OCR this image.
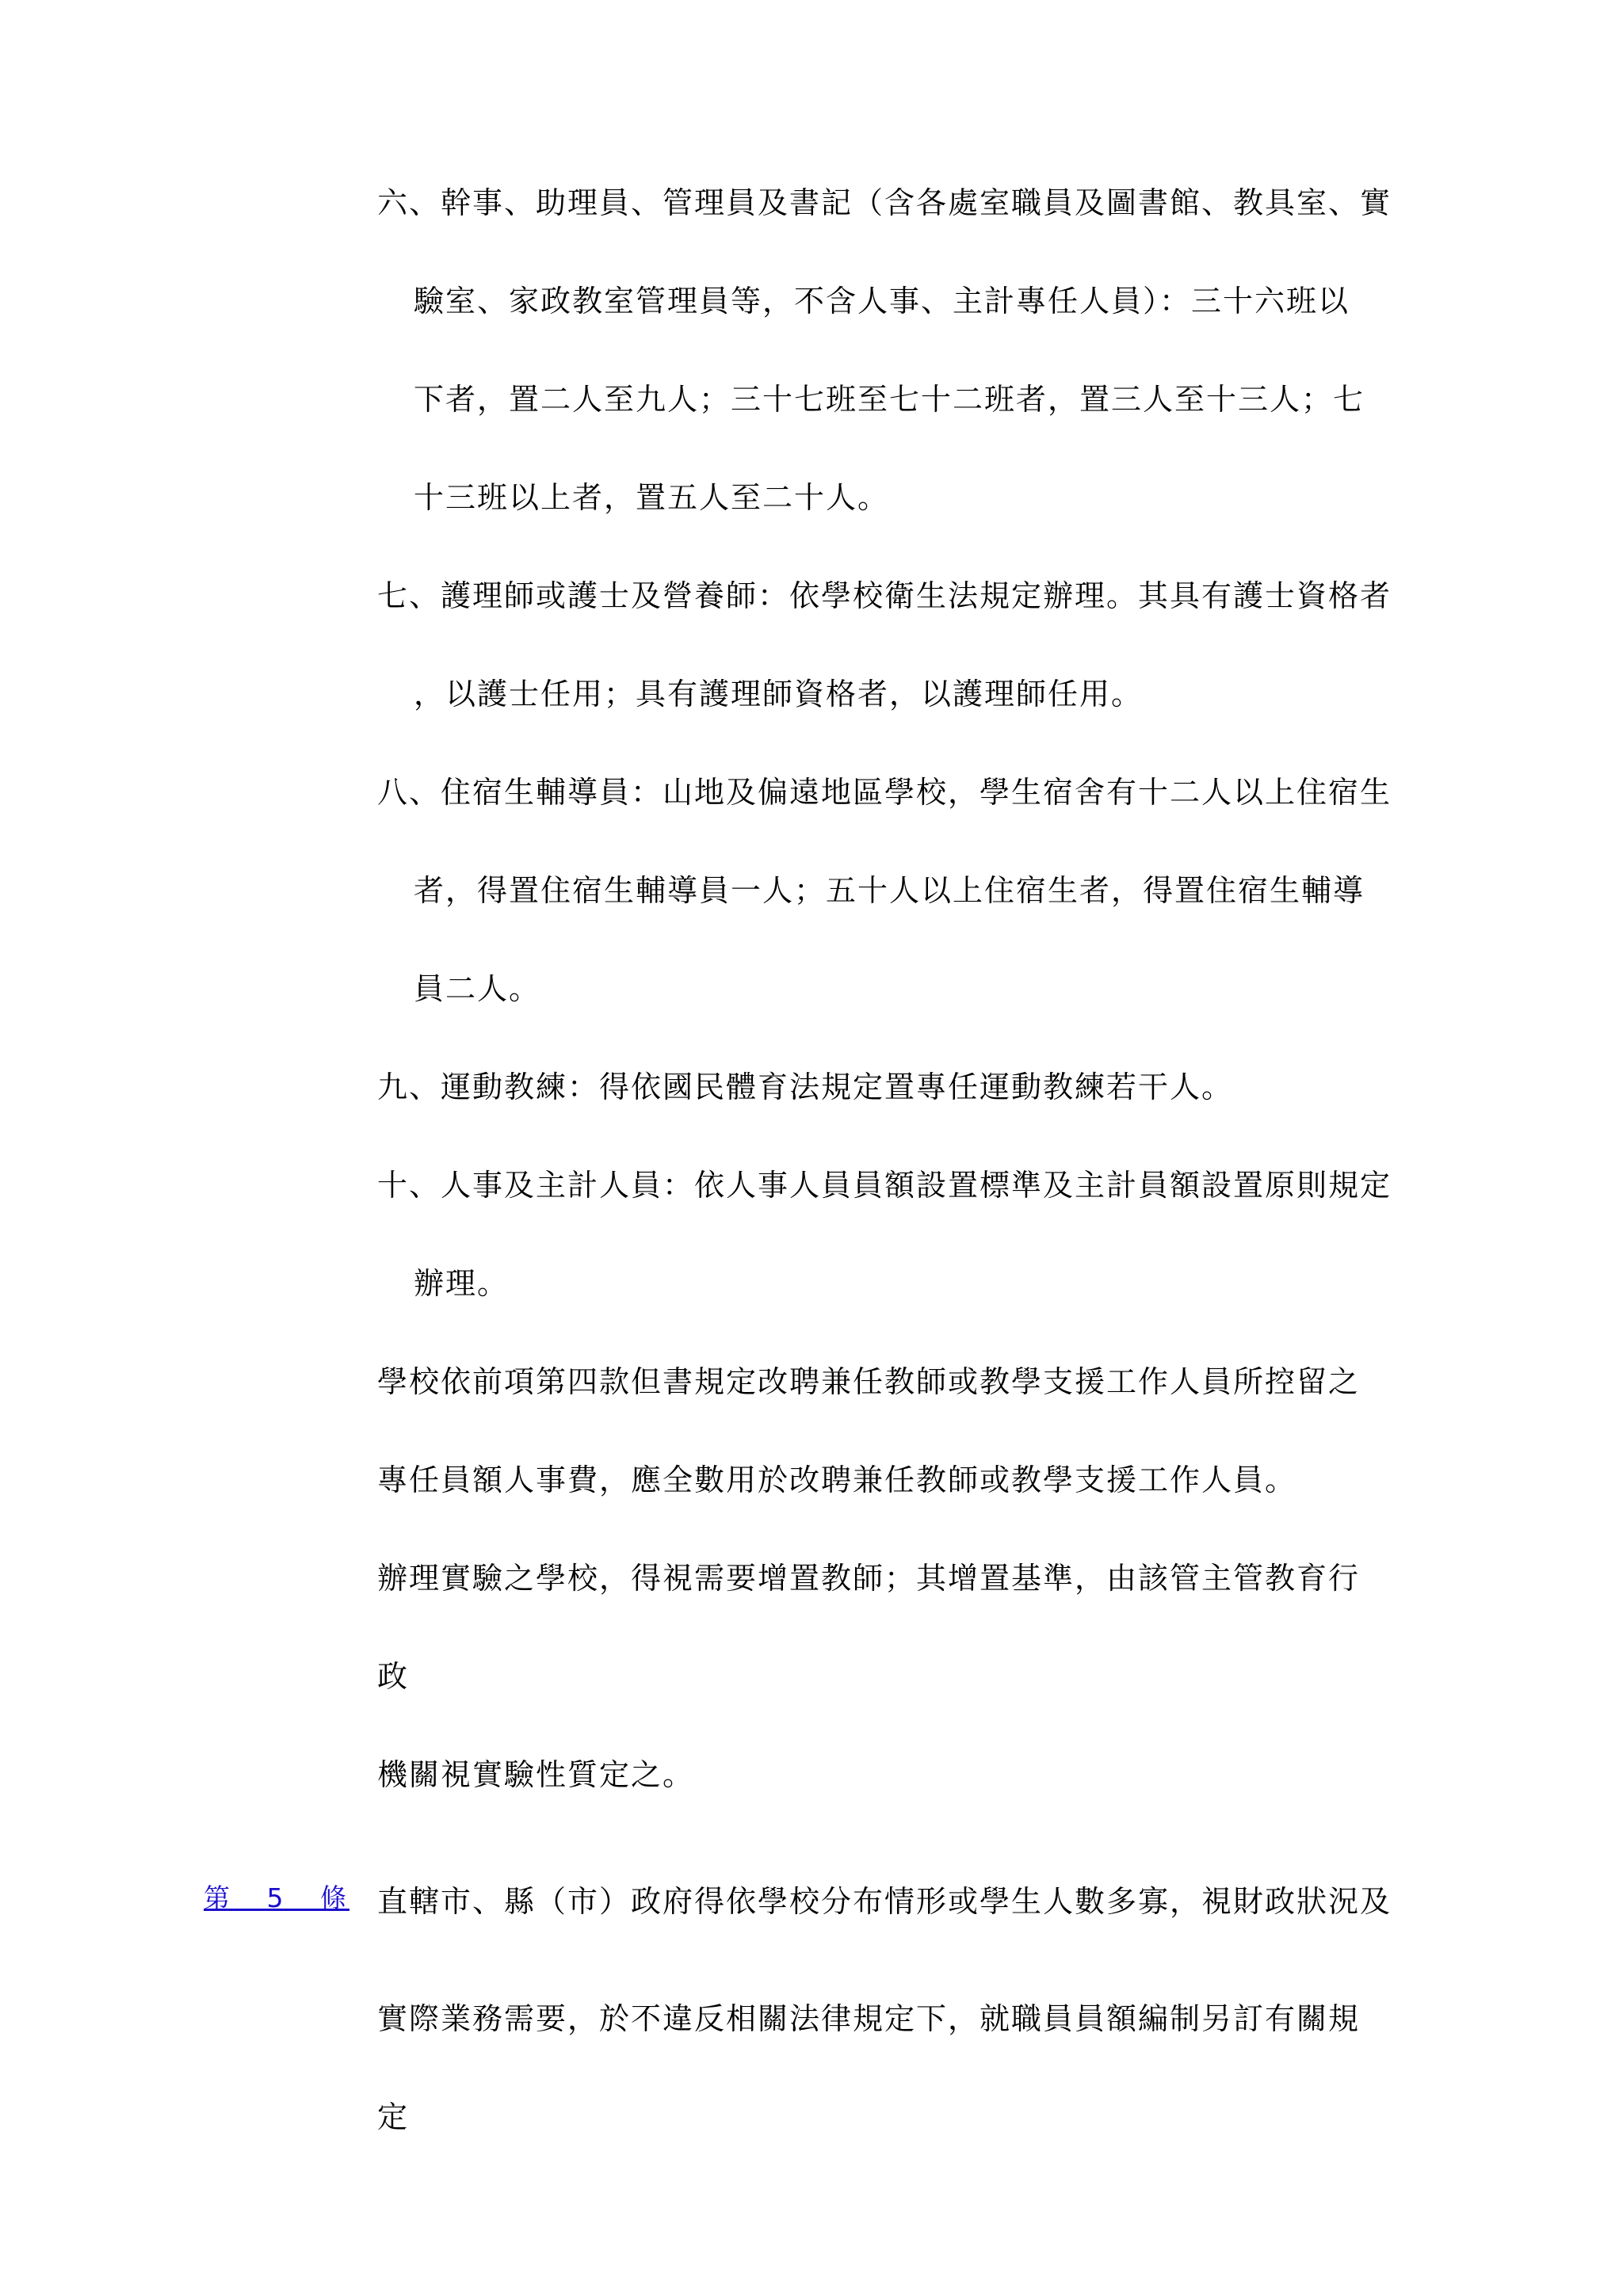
六、幹事、助理員、管理員及書記（含各處室職員及圖書館、教具室、實

驗室、家政教室管理員等，不含人事、主計專任人員）：三十六班以

下者，置二人至九人；三十七班至七十二班者，置三人至十三人；七

十三班以上者，置五人至二十人。

七、護理師或護士及營養師：依學校衛生法規定辦理。其具有護士資格者

，以護士任用；具有護理師資格者，以護理師任用。

八、住宿生輔導員：山地及偏遠地區學校，學生宿舍有十二人以上住宿生

者，得置住宿生輔導員一人；五十人以上住宿生者，得置住宿生輔導

員二人。

九、運動教練：得依國民體育法規定置專任運動教練若干人。

十、人事及主計人員：依人事人員員額設置標準及主計員額設置原則規定

辦理。

學校依前項第四款但書規定改聘兼任教師或教學支援工作人員所控留之

專任員額人事費，應全數用於改聘兼任教師或教學支援工作人員。

辦理實驗之學校，得視需要增置教師；其增置基準，由該管主管教育行

政

機關視實驗性質定之。

第 5 條 直轄市、縣（市）政府得依學校分布情形或學生人數多寡，視財政狀況及

實際業務需要，於不違反相關法律規定下，就職員員額編制另訂有關規

定
